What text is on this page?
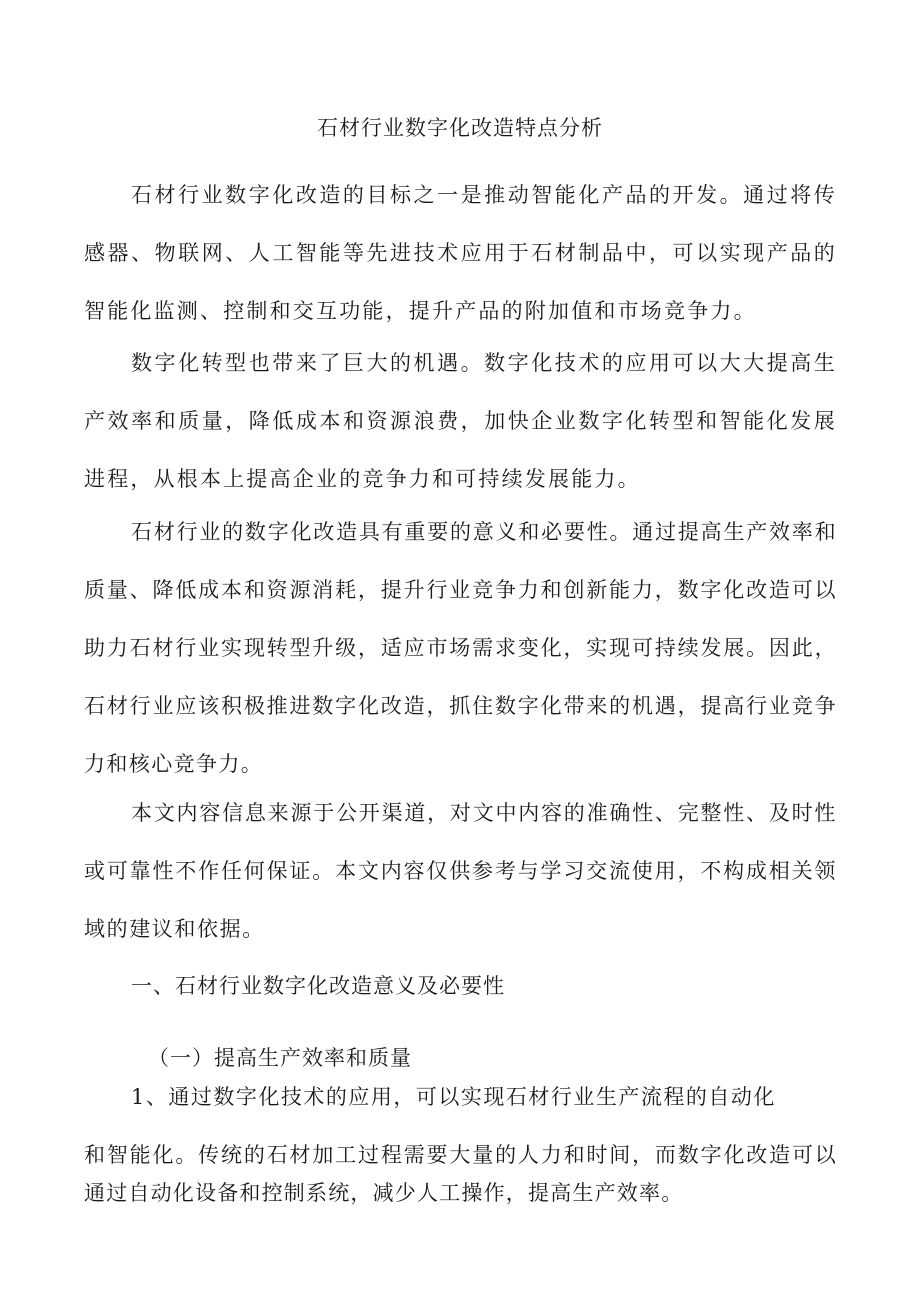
石材行业数字化改造特点分析

石材行业数字化改造的目标之一是推动智能化产品的开发。通过将传感器、物联网、人工智能等先进技术应用于石材制品中，可以实现产品的智能化监测、控制和交互功能，提升产品的附加值和市场竞争力。

数字化转型也带来了巨大的机遇。数字化技术的应用可以大大提高生产效率和质量，降低成本和资源浪费，加快企业数字化转型和智能化发展进程，从根本上提高企业的竞争力和可持续发展能力。

石材行业的数字化改造具有重要的意义和必要性。通过提高生产效率和质量、降低成本和资源消耗，提升行业竞争力和创新能力，数字化改造可以助力石材行业实现转型升级，适应市场需求变化，实现可持续发展。因此，石材行业应该积极推进数字化改造，抓住数字化带来的机遇，提高行业竞争力和核心竞争力。

本文内容信息来源于公开渠道，对文中内容的准确性、完整性、及时性或可靠性不作任何保证。本文内容仅供参考与学习交流使用，不构成相关领域的建议和依据。

一、石材行业数字化改造意义及必要性
（一）提高生产效率和质量
1、通过数字化技术的应用，可以实现石材行业生产流程的自动化

和智能化。传统的石材加工过程需要大量的人力和时间，而数字化改造可以通过自动化设备和控制系统，减少人工操作，提高生产效率。
